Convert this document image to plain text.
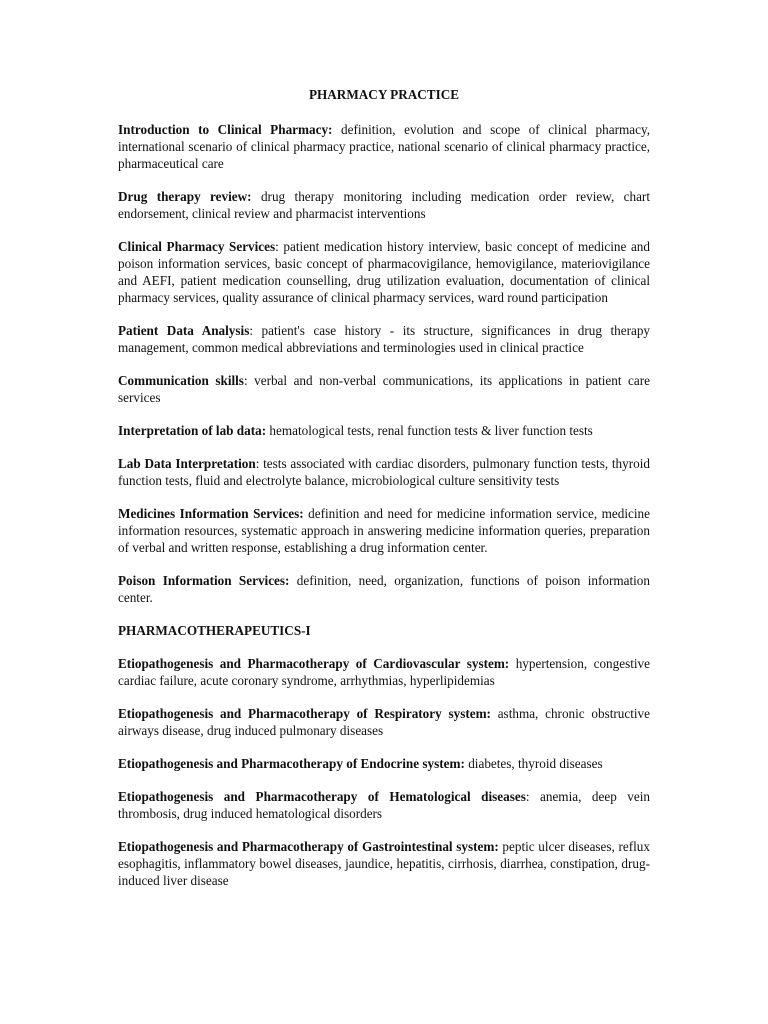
PHARMACY PRACTICE
Introduction to Clinical Pharmacy: definition, evolution and scope of clinical pharmacy, international scenario of clinical pharmacy practice, national scenario of clinical pharmacy practice, pharmaceutical care
Drug therapy review: drug therapy monitoring including medication order review, chart endorsement, clinical review and pharmacist interventions
Clinical Pharmacy Services: patient medication history interview, basic concept of medicine and poison information services, basic concept of pharmacovigilance, hemovigilance, materiovigilance and AEFI, patient medication counselling, drug utilization evaluation, documentation of clinical pharmacy services, quality assurance of clinical pharmacy services, ward round participation
Patient Data Analysis: patient's case history - its structure, significances in drug therapy management, common medical abbreviations and terminologies used in clinical practice
Communication skills: verbal and non-verbal communications, its applications in patient care services
Interpretation of lab data: hematological tests, renal function tests & liver function tests
Lab Data Interpretation: tests associated with cardiac disorders, pulmonary function tests, thyroid function tests, fluid and electrolyte balance, microbiological culture sensitivity tests
Medicines Information Services: definition and need for medicine information service, medicine information resources, systematic approach in answering medicine information queries, preparation of verbal and written response, establishing a drug information center.
Poison Information Services: definition, need, organization, functions of poison information center.
PHARMACOTHERAPEUTICS-I
Etiopathogenesis and Pharmacotherapy of Cardiovascular system: hypertension, congestive cardiac failure, acute coronary syndrome, arrhythmias, hyperlipidemias
Etiopathogenesis and Pharmacotherapy of Respiratory system: asthma, chronic obstructive airways disease, drug induced pulmonary diseases
Etiopathogenesis and Pharmacotherapy of Endocrine system: diabetes, thyroid diseases
Etiopathogenesis and Pharmacotherapy of Hematological diseases: anemia, deep vein thrombosis, drug induced hematological disorders
Etiopathogenesis and Pharmacotherapy of Gastrointestinal system: peptic ulcer diseases, reflux esophagitis, inflammatory bowel diseases, jaundice, hepatitis, cirrhosis, diarrhea, constipation, drug-induced liver disease
